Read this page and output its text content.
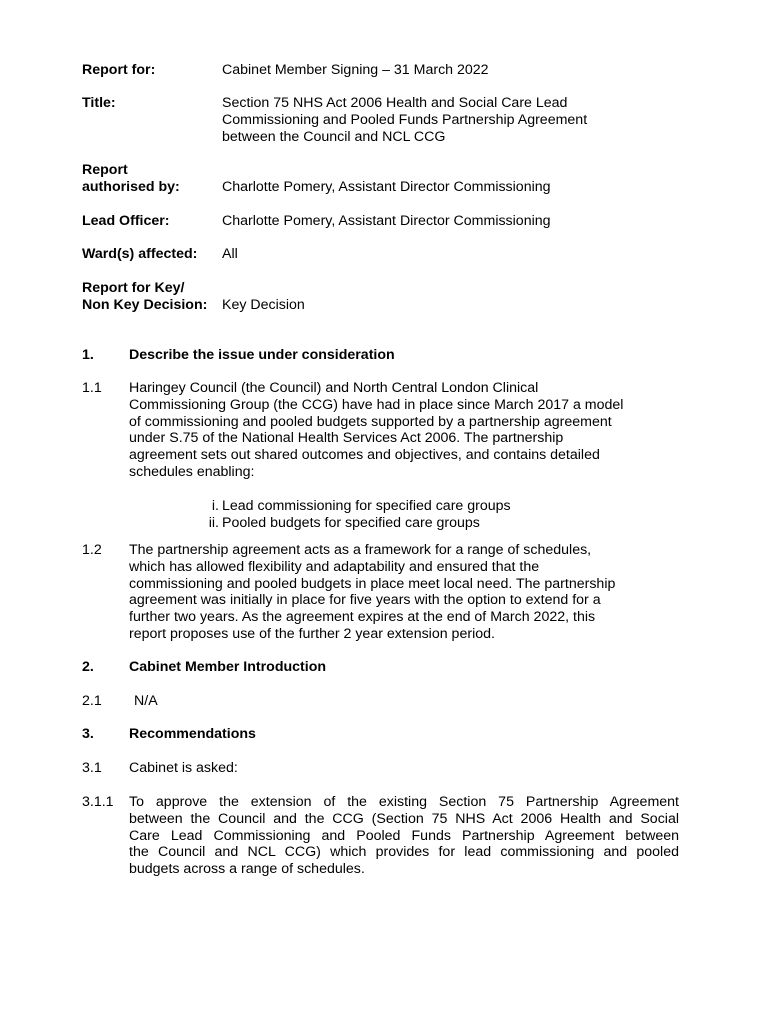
Report for:	Cabinet Member Signing – 31 March 2022
Title:	Section 75 NHS Act 2006 Health and Social Care Lead
Commissioning and Pooled Funds Partnership Agreement
between the Council and NCL CCG
Report
authorised by:	Charlotte Pomery, Assistant Director Commissioning
Lead Officer:	Charlotte Pomery, Assistant Director Commissioning
Ward(s) affected:	All
Report for Key/
Non Key Decision:	Key Decision
1.	Describe the issue under consideration
1.1	Haringey Council (the Council) and North Central London Clinical
Commissioning Group (the CCG) have had in place since March 2017 a model
of commissioning and pooled budgets supported by a partnership agreement
under S.75 of the National Health Services Act 2006. The partnership
agreement sets out shared outcomes and objectives, and contains detailed
schedules enabling:
i. Lead commissioning for specified care groups
ii. Pooled budgets for specified care groups
1.2	The partnership agreement acts as a framework for a range of schedules,
which has allowed flexibility and adaptability and ensured that the
commissioning and pooled budgets in place meet local need. The partnership
agreement was initially in place for five years with the option to extend for a
further two years. As the agreement expires at the end of March 2022, this
report proposes use of the further 2 year extension period.
2.	Cabinet Member Introduction
2.1	N/A
3.	Recommendations
3.1	Cabinet is asked:
3.1.1	To approve the extension of the existing Section 75 Partnership Agreement
between the Council and the CCG (Section 75 NHS Act 2006 Health and Social
Care Lead Commissioning and Pooled Funds Partnership Agreement between
the Council and NCL CCG) which provides for lead commissioning and pooled
budgets across a range of schedules.
